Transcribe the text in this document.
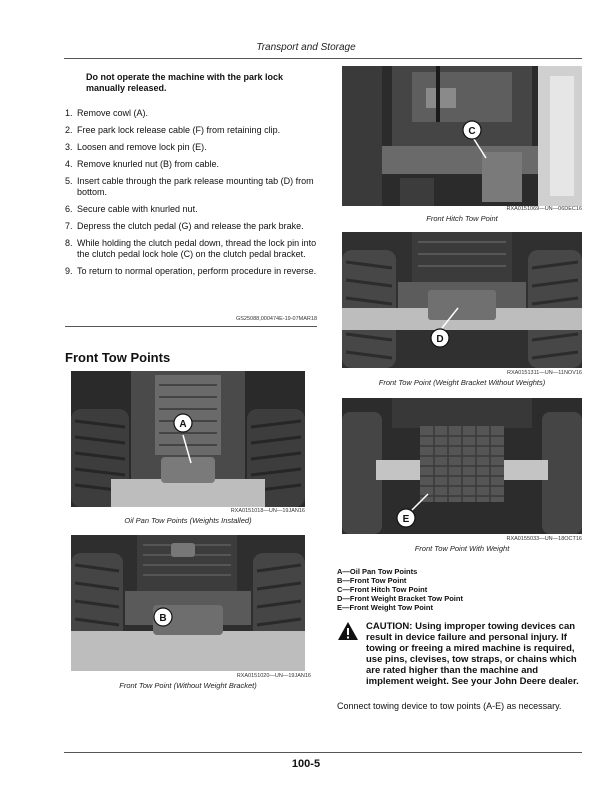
Transport and Storage
Do not operate the machine with the park lock manually released.
1. Remove cowl (A).
2. Free park lock release cable (F) from retaining clip.
3. Loosen and remove lock pin (E).
4. Remove knurled nut (B) from cable.
5. Insert cable through the park release mounting tab (D) from bottom.
6. Secure cable with knurled nut.
7. Depress the clutch pedal (G) and release the park brake.
8. While holding the clutch pedal down, thread the lock pin into the clutch pedal lock hole (C) on the clutch pedal bracket.
9. To return to normal operation, perform procedure in reverse.
GS25088,000474E-19-07MAR18
Front Tow Points
A
RXA0151018—UN—19JAN16
Oil Pan Tow Points (Weights Installed)
B
RXA0151020—UN—19JAN16
Front Tow Point (Without Weight Bracket)
C
RXA0151069—UN—06DEC16
Front Hitch Tow Point
D
RXA0151311—UN—11NOV16
Front Tow Point (Weight Bracket Without Weights)
E
RXA0155033—UN—18OCT16
Front Tow Point With Weight
A—Oil Pan Tow Points
B—Front Tow Point
C—Front Hitch Tow Point
D—Front Weight Bracket Tow Point
E—Front Weight Tow Point
CAUTION: Using improper towing devices can result in device failure and personal injury. If towing or freeing a mired machine is required, use pins, clevises, tow straps, or chains which are rated higher than the machine and implement weight. See your John Deere dealer.
Connect towing device to tow points (A-E) as necessary.
100-5
